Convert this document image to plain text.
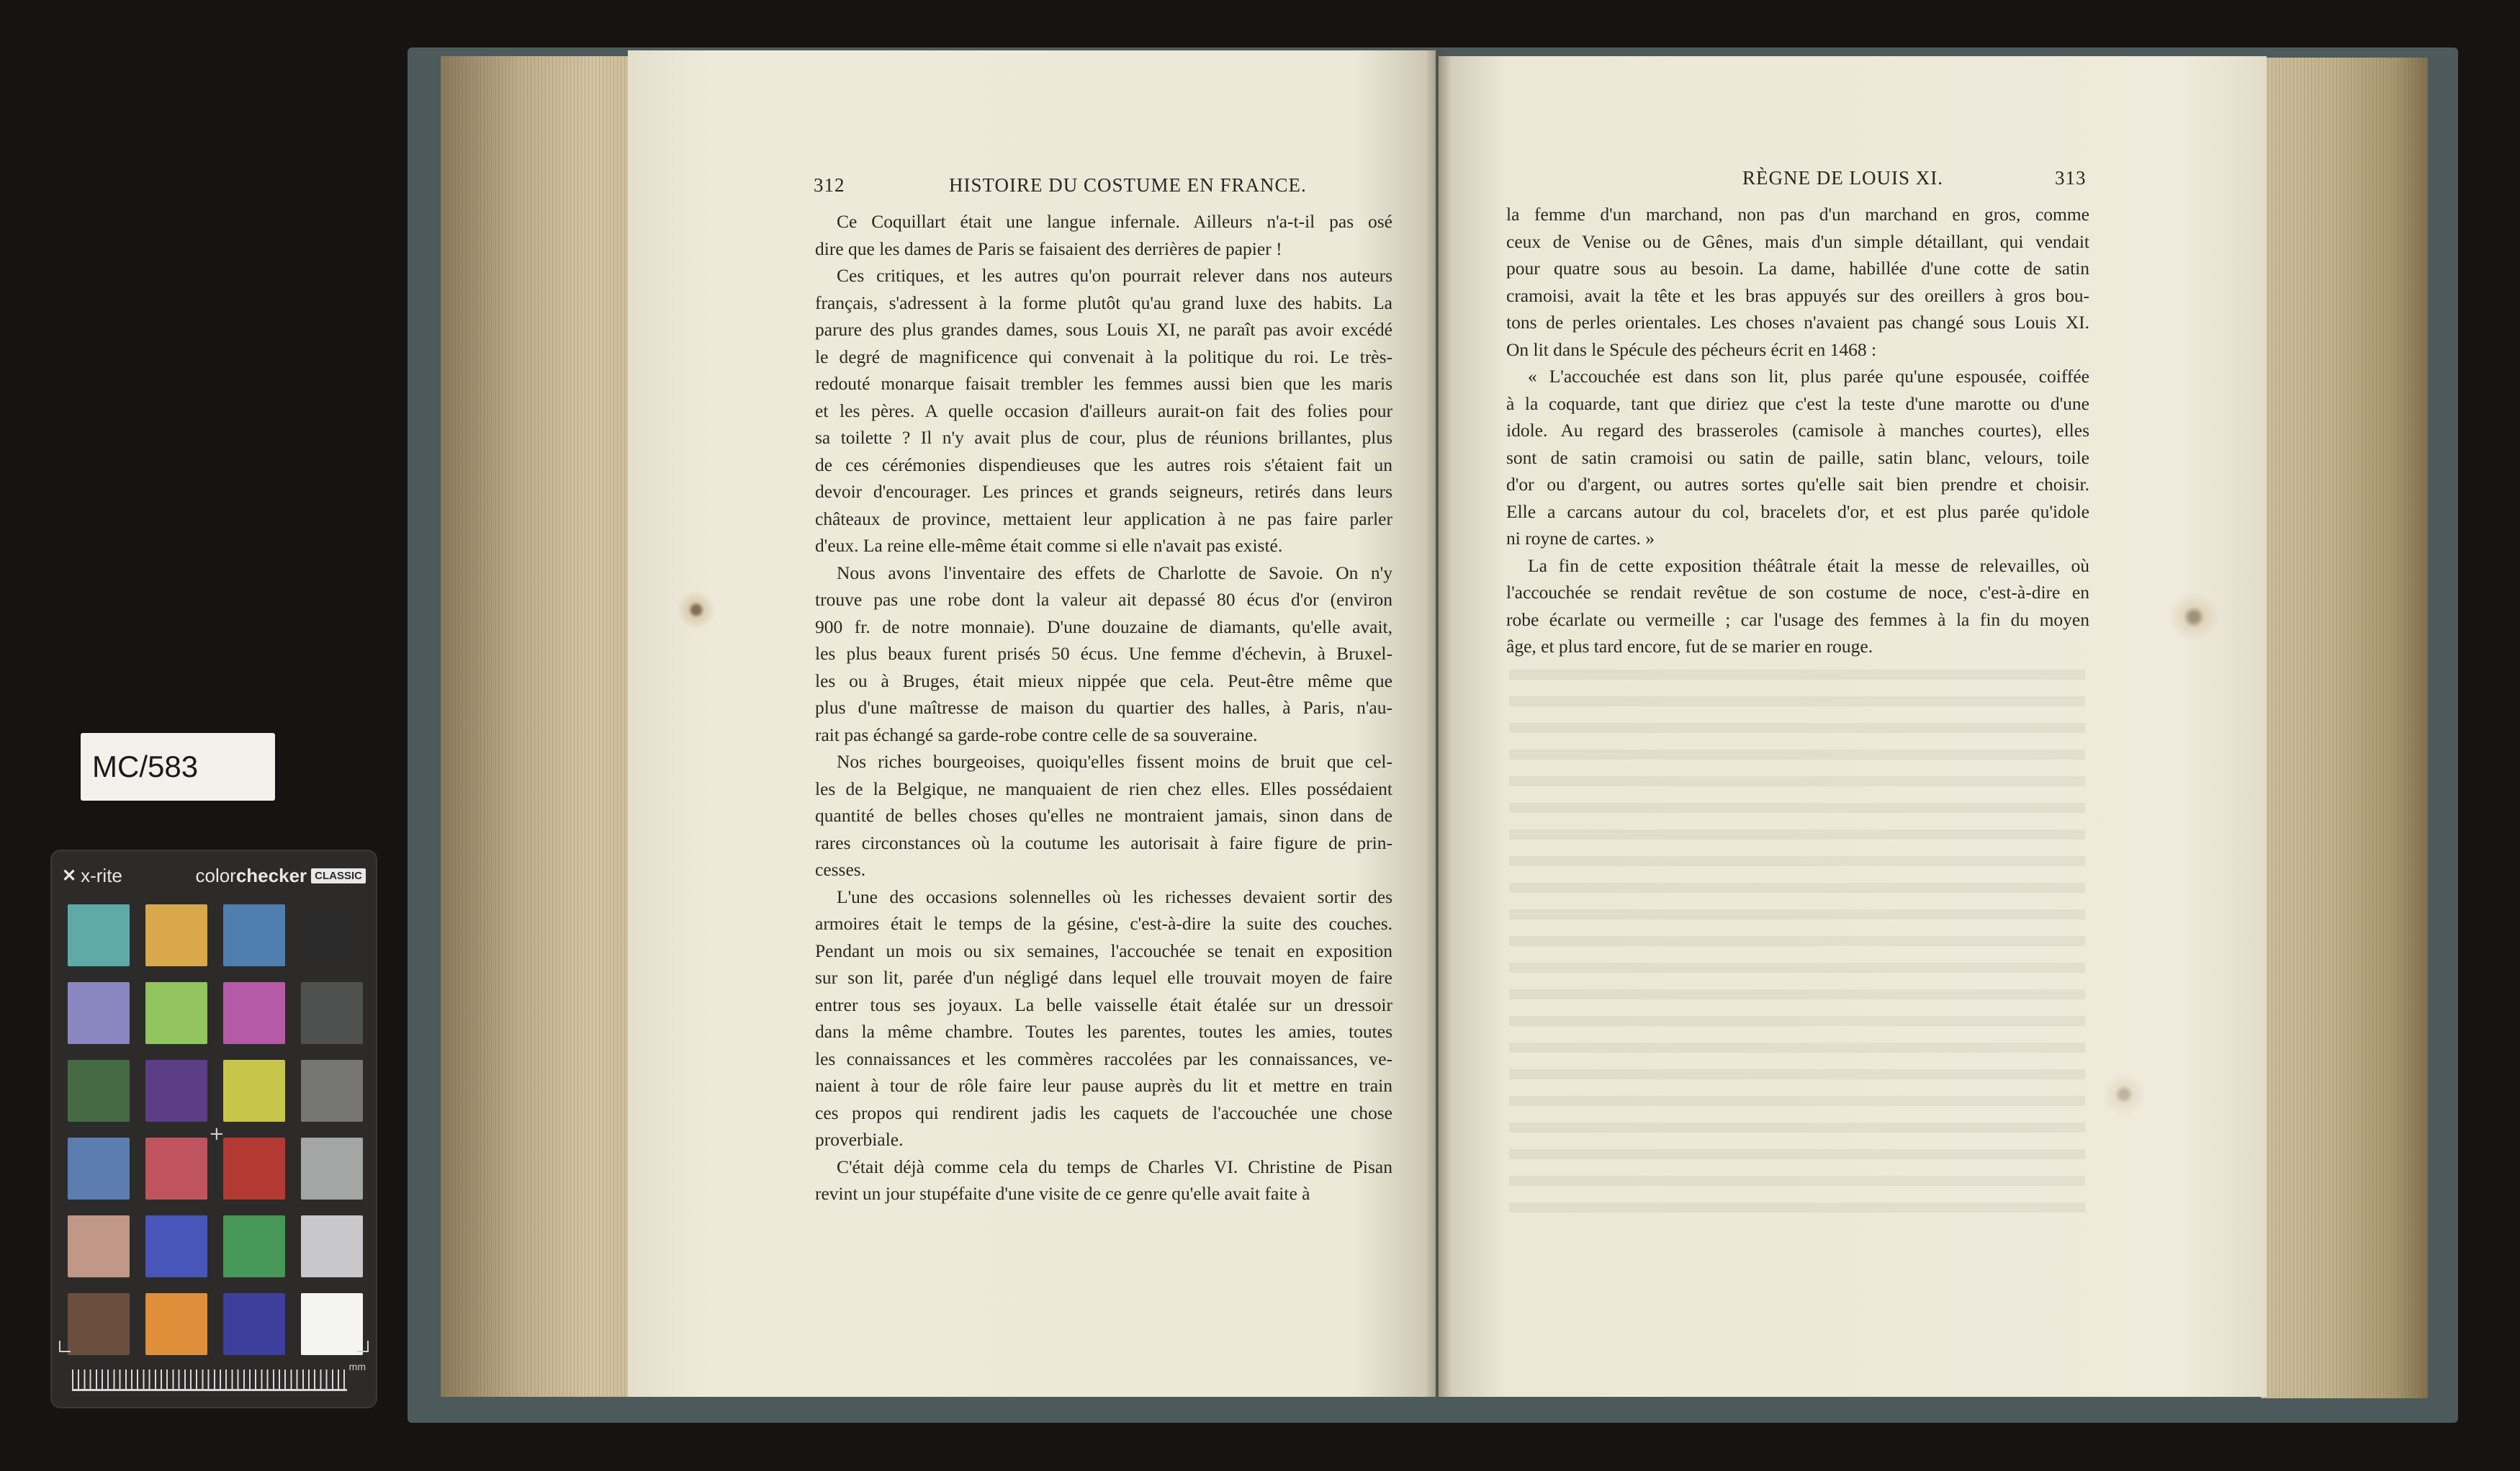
MC/583
✕ x-rite	colorchecker CLASSIC
+
mm
312	HISTOIRE DU COSTUME EN FRANCE.	RÈGNE DE LOUIS XI.	313
Ce Coquillart était une langue infernale. Ailleurs n'a-t-il pas osé
dire que les dames de Paris se faisaient des derrières de papier !
Ces critiques, et les autres qu'on pourrait relever dans nos auteurs
français, s'adressent à la forme plutôt qu'au grand luxe des habits. La
parure des plus grandes dames, sous Louis XI, ne paraît pas avoir excédé
le degré de magnificence qui convenait à la politique du roi. Le très-
redouté monarque faisait trembler les femmes aussi bien que les maris
et les pères. A quelle occasion d'ailleurs aurait-on fait des folies pour
sa toilette ? Il n'y avait plus de cour, plus de réunions brillantes, plus
de ces cérémonies dispendieuses que les autres rois s'étaient fait un
devoir d'encourager. Les princes et grands seigneurs, retirés dans leurs
châteaux de province, mettaient leur application à ne pas faire parler
d'eux. La reine elle-même était comme si elle n'avait pas existé.
Nous avons l'inventaire des effets de Charlotte de Savoie. On n'y
trouve pas une robe dont la valeur ait depassé 80 écus d'or (environ
900 fr. de notre monnaie). D'une douzaine de diamants, qu'elle avait,
les plus beaux furent prisés 50 écus. Une femme d'échevin, à Bruxel-
les ou à Bruges, était mieux nippée que cela. Peut-être même que
plus d'une maîtresse de maison du quartier des halles, à Paris, n'au-
rait pas échangé sa garde-robe contre celle de sa souveraine.
Nos riches bourgeoises, quoiqu'elles fissent moins de bruit que cel-
les de la Belgique, ne manquaient de rien chez elles. Elles possédaient
quantité de belles choses qu'elles ne montraient jamais, sinon dans de
rares circonstances où la coutume les autorisait à faire figure de prin-
cesses.
L'une des occasions solennelles où les richesses devaient sortir des
armoires était le temps de la gésine, c'est-à-dire la suite des couches.
Pendant un mois ou six semaines, l'accouchée se tenait en exposition
sur son lit, parée d'un négligé dans lequel elle trouvait moyen de faire
entrer tous ses joyaux. La belle vaisselle était étalée sur un dressoir
dans la même chambre. Toutes les parentes, toutes les amies, toutes
les connaissances et les commères raccolées par les connaissances, ve-
naient à tour de rôle faire leur pause auprès du lit et mettre en train
ces propos qui rendirent jadis les caquets de l'accouchée une chose
proverbiale.
C'était déjà comme cela du temps de Charles VI. Christine de Pisan
revint un jour stupéfaite d'une visite de ce genre qu'elle avait faite à
la femme d'un marchand, non pas d'un marchand en gros, comme
ceux de Venise ou de Gênes, mais d'un simple détaillant, qui vendait
pour quatre sous au besoin. La dame, habillée d'une cotte de satin
cramoisi, avait la tête et les bras appuyés sur des oreillers à gros bou-
tons de perles orientales. Les choses n'avaient pas changé sous Louis XI.
On lit dans le Spécule des pécheurs écrit en 1468 :
« L'accouchée est dans son lit, plus parée qu'une espousée, coiffée
à la coquarde, tant que diriez que c'est la teste d'une marotte ou d'une
idole. Au regard des brasseroles (camisole à manches courtes), elles
sont de satin cramoisi ou satin de paille, satin blanc, velours, toile
d'or ou d'argent, ou autres sortes qu'elle sait bien prendre et choisir.
Elle a carcans autour du col, bracelets d'or, et est plus parée qu'idole
ni royne de cartes. »
La fin de cette exposition théâtrale était la messe de relevailles, où
l'accouchée se rendait revêtue de son costume de noce, c'est-à-dire en
robe écarlate ou vermeille ; car l'usage des femmes à la fin du moyen
âge, et plus tard encore, fut de se marier en rouge.
